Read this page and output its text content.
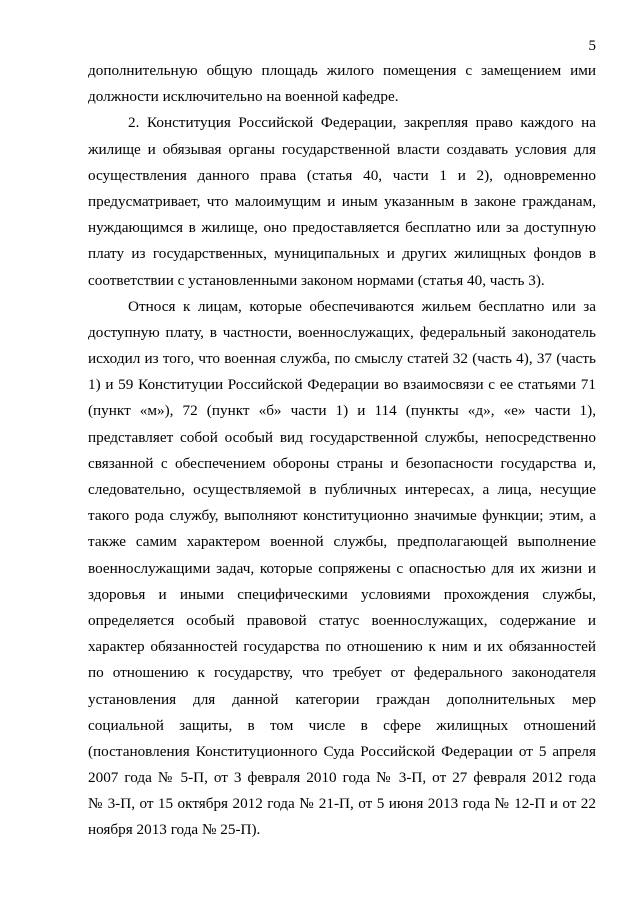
5
дополнительную общую площадь жилого помещения с замещением ими
должности исключительно на военной кафедре.
2. Конституция Российской Федерации, закрепляя право каждого на
жилище и обязывая органы государственной власти создавать условия для
осуществления данного права (статья 40, части 1 и 2), одновременно
предусматривает, что малоимущим и иным указанным в законе гражданам,
нуждающимся в жилище, оно предоставляется бесплатно или за доступную
плату из государственных, муниципальных и других жилищных фондов в
соответствии с установленными законом нормами (статья 40, часть 3).
Относя к лицам, которые обеспечиваются жильем бесплатно или за
доступную плату, в частности, военнослужащих, федеральный законодатель
исходил из того, что военная служба, по смыслу статей 32 (часть 4), 37 (часть
1) и 59 Конституции Российской Федерации во взаимосвязи с ее статьями 71
(пункт «м»), 72 (пункт «б» части 1) и 114 (пункты «д», «е» части 1),
представляет собой особый вид государственной службы, непосредственно
связанной с обеспечением обороны страны и безопасности государства и,
следовательно, осуществляемой в публичных интересах, а лица, несущие
такого рода службу, выполняют конституционно значимые функции; этим, а
также самим характером военной службы, предполагающей выполнение
военнослужащими задач, которые сопряжены с опасностью для их жизни и
здоровья и иными специфическими условиями прохождения службы,
определяется особый правовой статус военнослужащих, содержание и
характер обязанностей государства по отношению к ним и их обязанностей
по отношению к государству, что требует от федерального законодателя
установления для данной категории граждан дополнительных мер
социальной защиты, в том числе в сфере жилищных отношений
(постановления Конституционного Суда Российской Федерации от 5 апреля
2007 года № 5-П, от 3 февраля 2010 года № 3-П, от 27 февраля 2012 года
№ 3-П, от 15 октября 2012 года № 21-П, от 5 июня 2013 года № 12-П и от 22
ноября 2013 года № 25-П).
